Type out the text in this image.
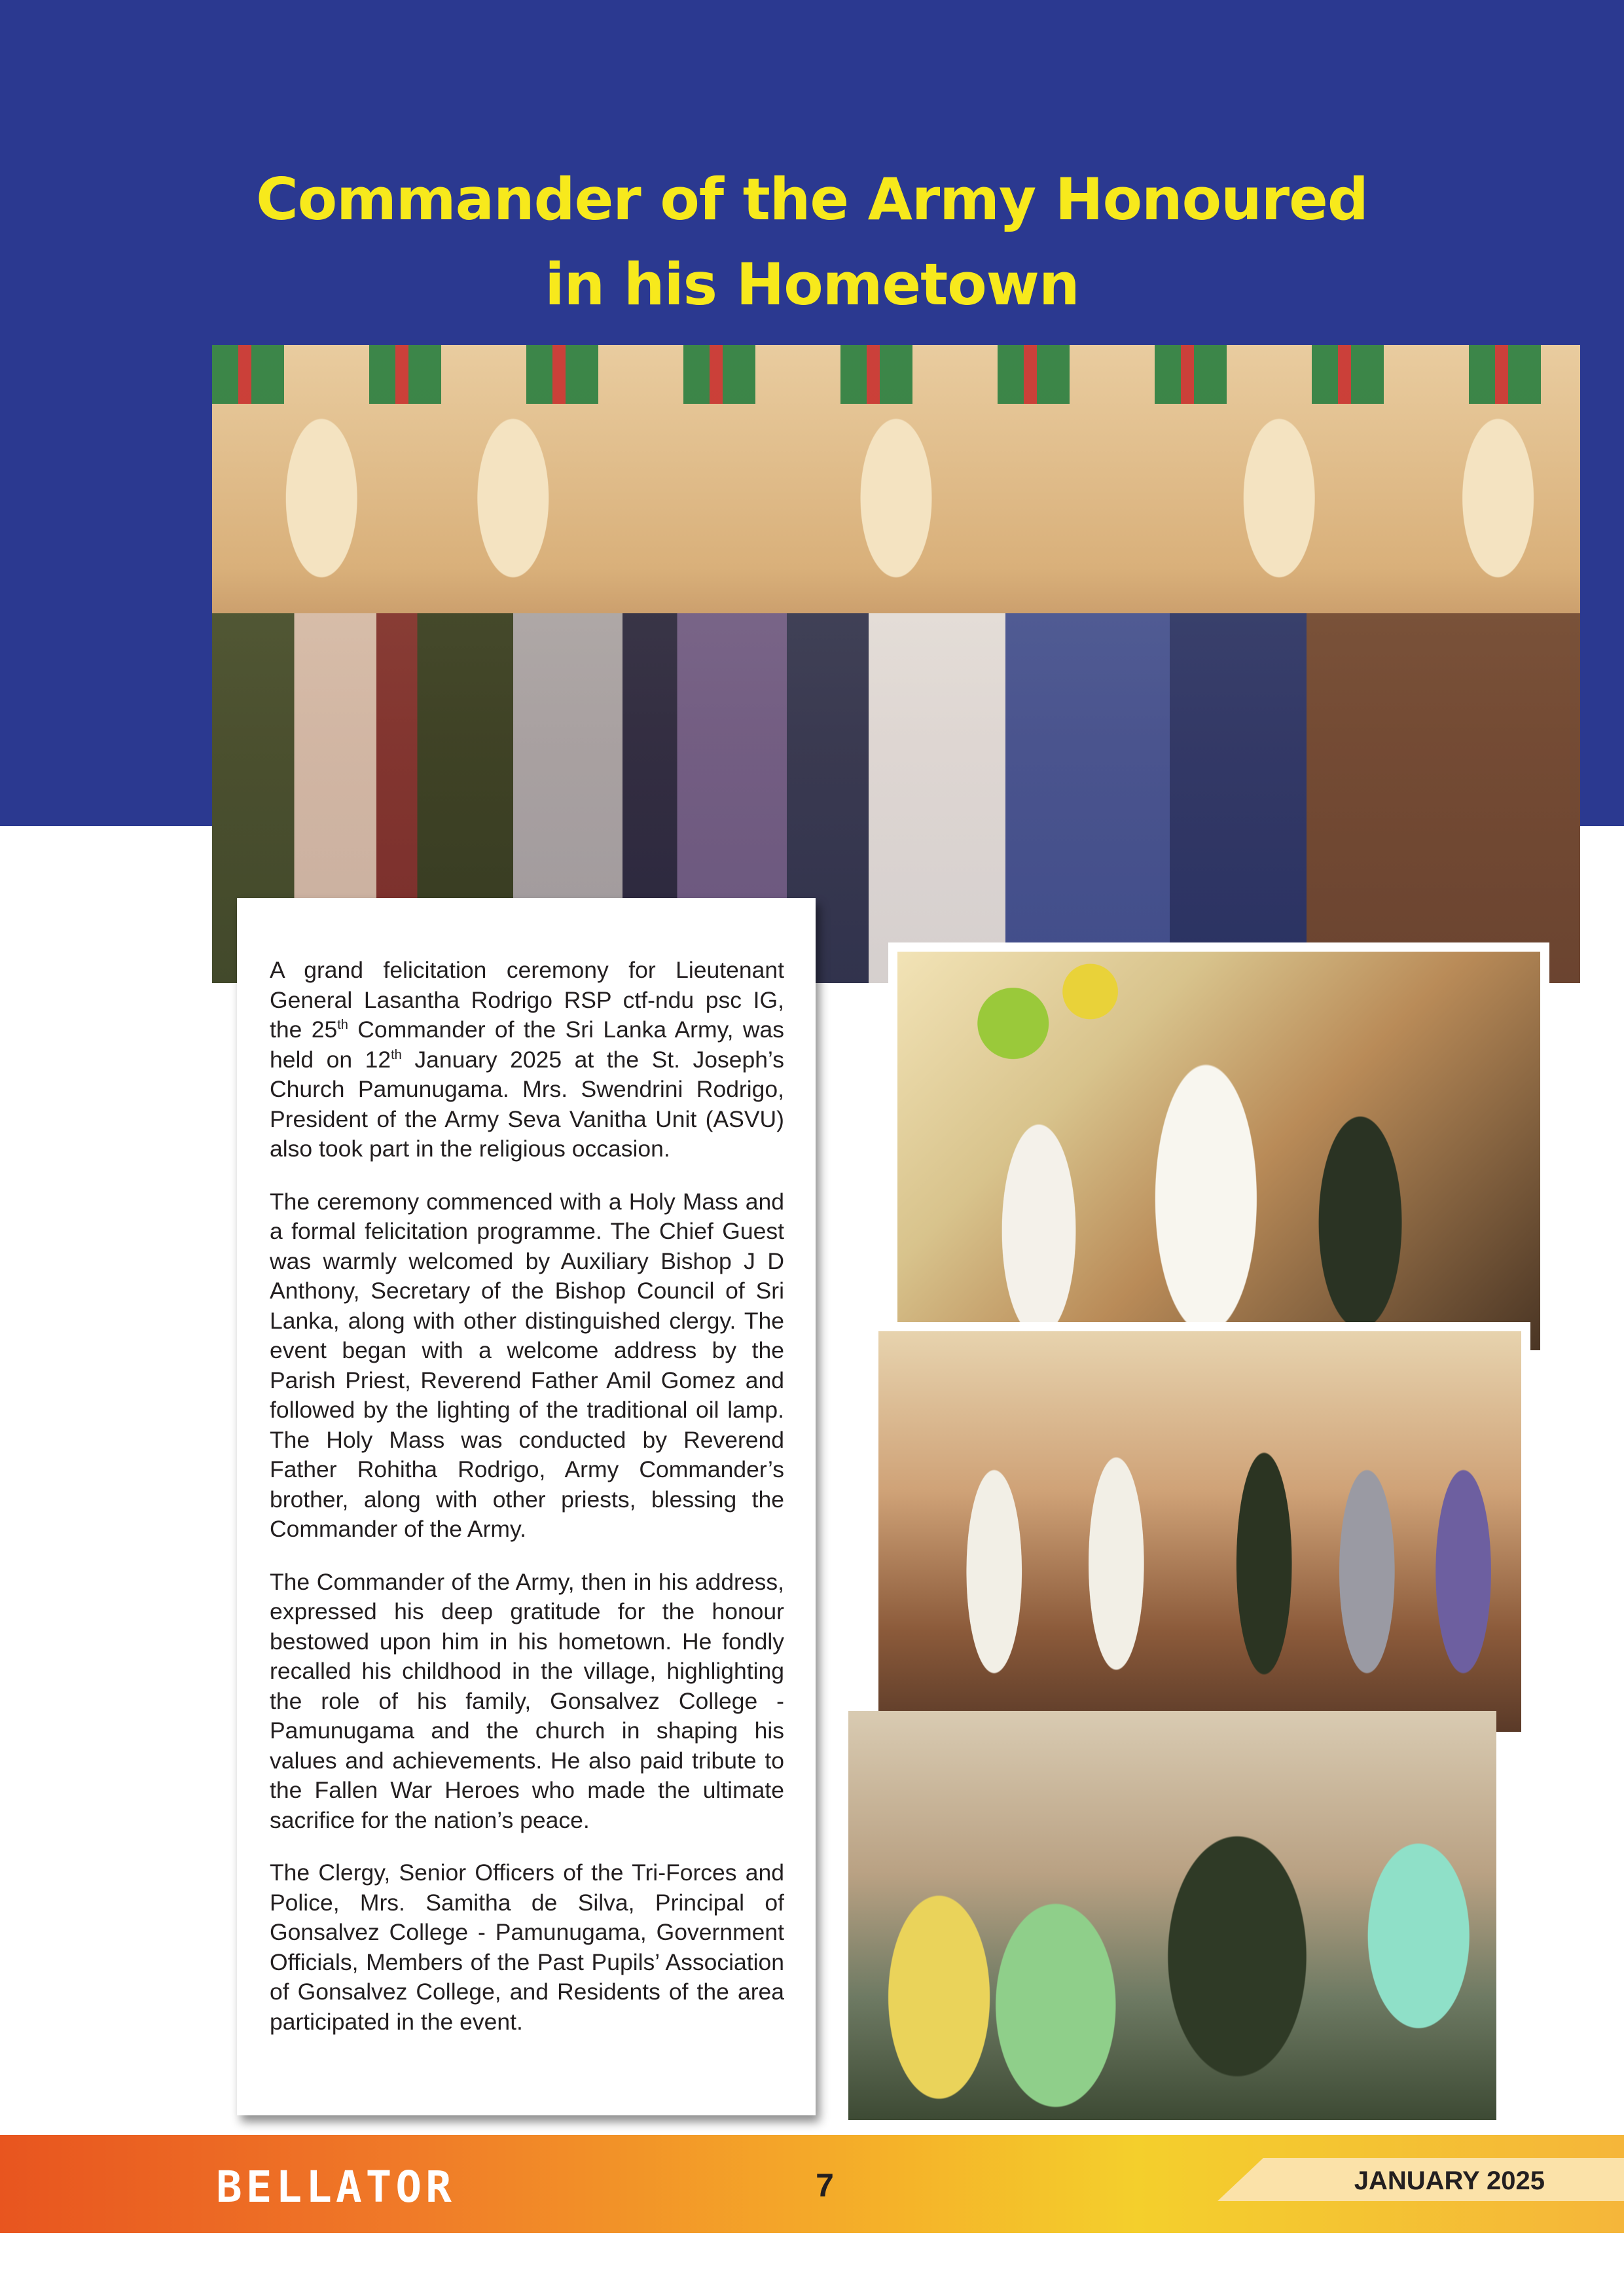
Commander of the Army Honoured
in his Hometown

A grand felicitation ceremony for Lieutenant General Lasantha Rodrigo RSP ctf-ndu psc IG, the 25th Commander of the Sri Lanka Army, was held on 12th January 2025 at the St. Joseph’s Church Pamunugama. Mrs. Swendrini Rodrigo, President of the Army Seva Vanitha Unit (ASVU) also took part in the religious occasion.

The ceremony commenced with a Holy Mass and a formal felicitation programme. The Chief Guest was warmly welcomed by Auxiliary Bishop J D Anthony, Secretary of the Bishop Council of Sri Lanka, along with other distinguished clergy. The event began with a welcome address by the Parish Priest, Reverend Father Amil Gomez and followed by the lighting of the traditional oil lamp. The Holy Mass was conducted by Reverend Father Rohitha Rodrigo, Army Commander’s brother, along with other priests, blessing the Commander of the Army.

The Commander of the Army, then in his address, expressed his deep gratitude for the honour bestowed upon him in his hometown. He fondly recalled his childhood in the village, highlighting the role of his family, Gonsalvez College - Pamunugama and the church in shaping his values and achievements. He also paid tribute to the Fallen War Heroes who made the ultimate sacrifice for the nation’s peace.

The Clergy, Senior Officers of the Tri-Forces and Police, Mrs. Samitha de Silva, Principal of Gonsalvez College - Pamunugama, Government Officials, Members of the Past Pupils’ Association of Gonsalvez College, and Residents of the area participated in the event.

BELLATOR	7	JANUARY 2025
